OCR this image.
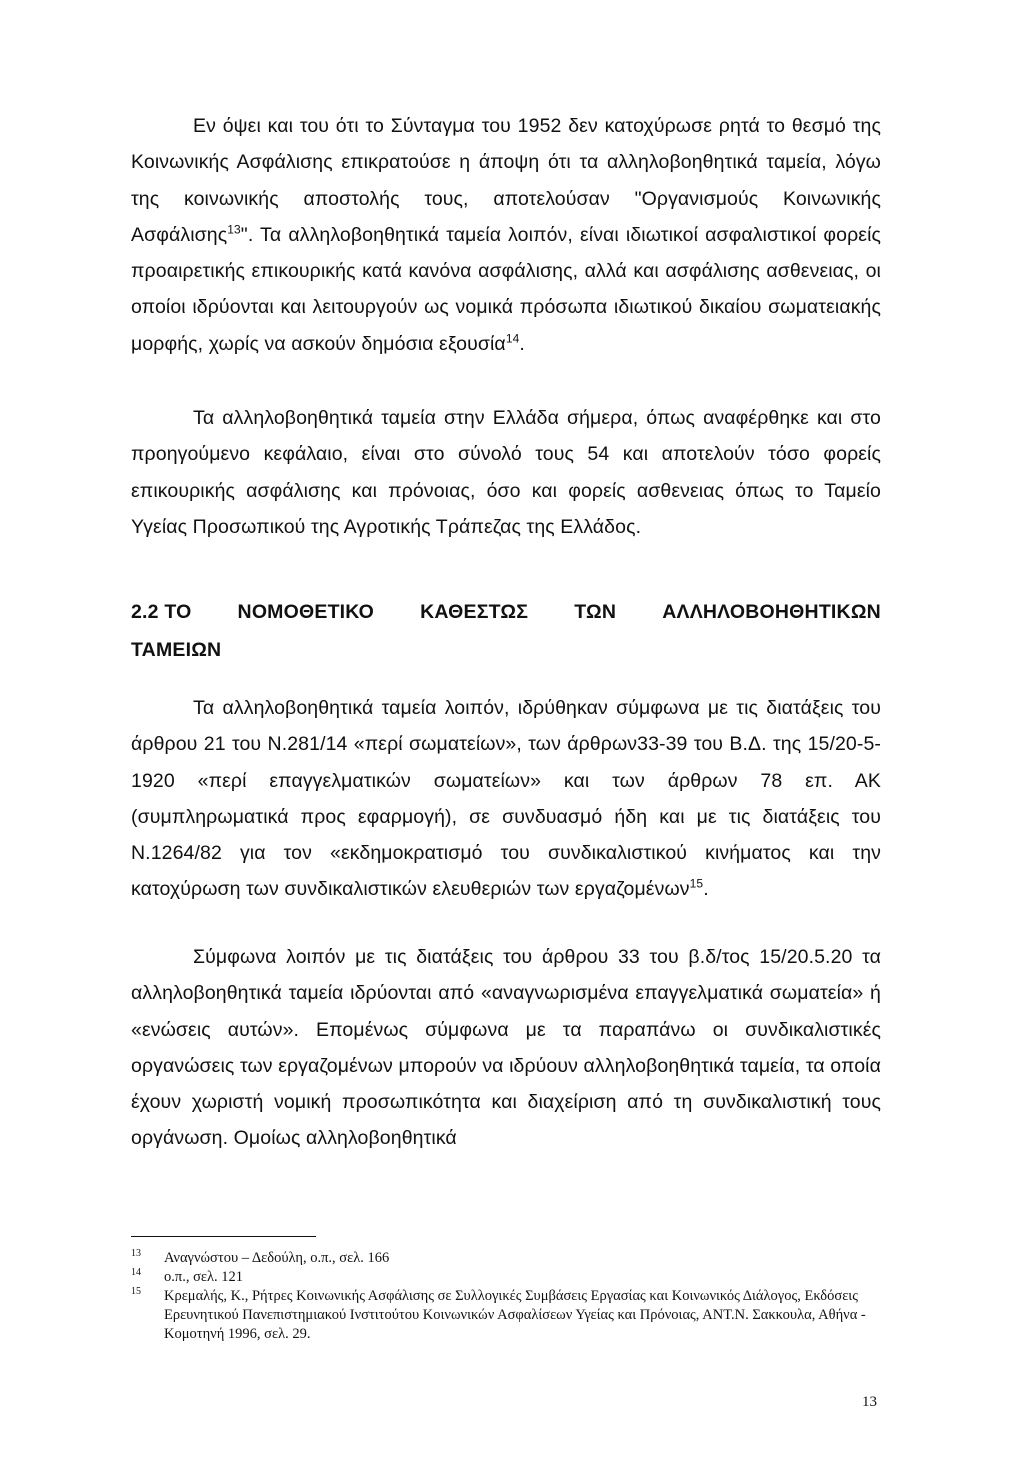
Εν όψει και του ότι το Σύνταγμα του 1952 δεν κατοχύρωσε ρητά το θεσμό της Κοινωνικής Ασφάλισης επικρατούσε η άποψη ότι τα αλληλοβοηθητικά ταμεία, λόγω της κοινωνικής αποστολής τους, αποτελούσαν "Οργανισμούς Κοινωνικής Ασφάλισης$^{13}$". Τα αλληλοβοηθητικά ταμεία λοιπόν, είναι ιδιωτικοί ασφαλιστικοί φορείς προαιρετικής επικουρικής κατά κανόνα ασφάλισης, αλλά και ασφάλισης ασθενειας, οι οποίοι ιδρύονται και λειτουργούν ως νομικά πρόσωπα ιδιωτικού δικαίου σωματειακής μορφής, χωρίς να ασκούν δημόσια εξουσία$^{14}$.
Τα αλληλοβοηθητικά ταμεία στην Ελλάδα σήμερα, όπως αναφέρθηκε και στο προηγούμενο κεφάλαιο, είναι στο σύνολό τους 54 και αποτελούν τόσο φορείς επικουρικής ασφάλισης και πρόνοιας, όσο και φορείς ασθενειας όπως το Ταμείο Υγείας Προσωπικού της Αγροτικής Τράπεζας της Ελλάδος.
2.2 ΤΟ ΝΟΜΟΘΕΤΙΚΟ ΚΑΘΕΣΤΩΣ ΤΩΝ ΑΛΛΗΛΟΒΟΗΘΗΤΙΚΩΝ
ΤΑΜΕΙΩΝ
Τα αλληλοβοηθητικά ταμεία λοιπόν, ιδρύθηκαν σύμφωνα με τις διατάξεις του άρθρου 21 του Ν.281/14 «περί σωματείων», των άρθρων33-39 του Β.Δ. της 15/20-5-1920 «περί επαγγελματικών σωματείων» και των άρθρων 78 επ. ΑΚ (συμπληρωματικά προς εφαρμογή), σε συνδυασμό ήδη και με τις διατάξεις του Ν.1264/82 για τον «εκδημοκρατισμό του συνδικαλιστικού κινήματος και την κατοχύρωση των συνδικαλιστικών ελευθεριών των εργαζομένων$^{15}$.
Σύμφωνα λοιπόν με τις διατάξεις του άρθρου 33 του β.δ/τος 15/20.5.20 τα αλληλοβοηθητικά ταμεία ιδρύονται από «αναγνωρισμένα επαγγελματικά σωματεία» ή «ενώσεις αυτών». Επομένως σύμφωνα με τα παραπάνω οι συνδικαλιστικές οργανώσεις των εργαζομένων μπορούν να ιδρύουν αλληλοβοηθητικά ταμεία, τα οποία έχουν χωριστή νομική προσωπικότητα και διαχείριση από τη συνδικαλιστική τους οργάνωση. Ομοίως αλληλοβοηθητικά
13 Αναγνώστου – Δεδούλη, ο.π., σελ. 166
14 ο.π., σελ. 121
15 Κρεμαλής, Κ., Ρήτρες Κοινωνικής Ασφάλισης σε Συλλογικές Συμβάσεις Εργασίας και Κοινωνικός Διάλογος, Εκδόσεις Ερευνητικού Πανεπιστημιακού Ινστιτούτου Κοινωνικών Ασφαλίσεων Υγείας και Πρόνοιας, ΑΝΤ.Ν. Σακκουλα, Αθήνα - Κομοτηνή 1996, σελ. 29.
13
